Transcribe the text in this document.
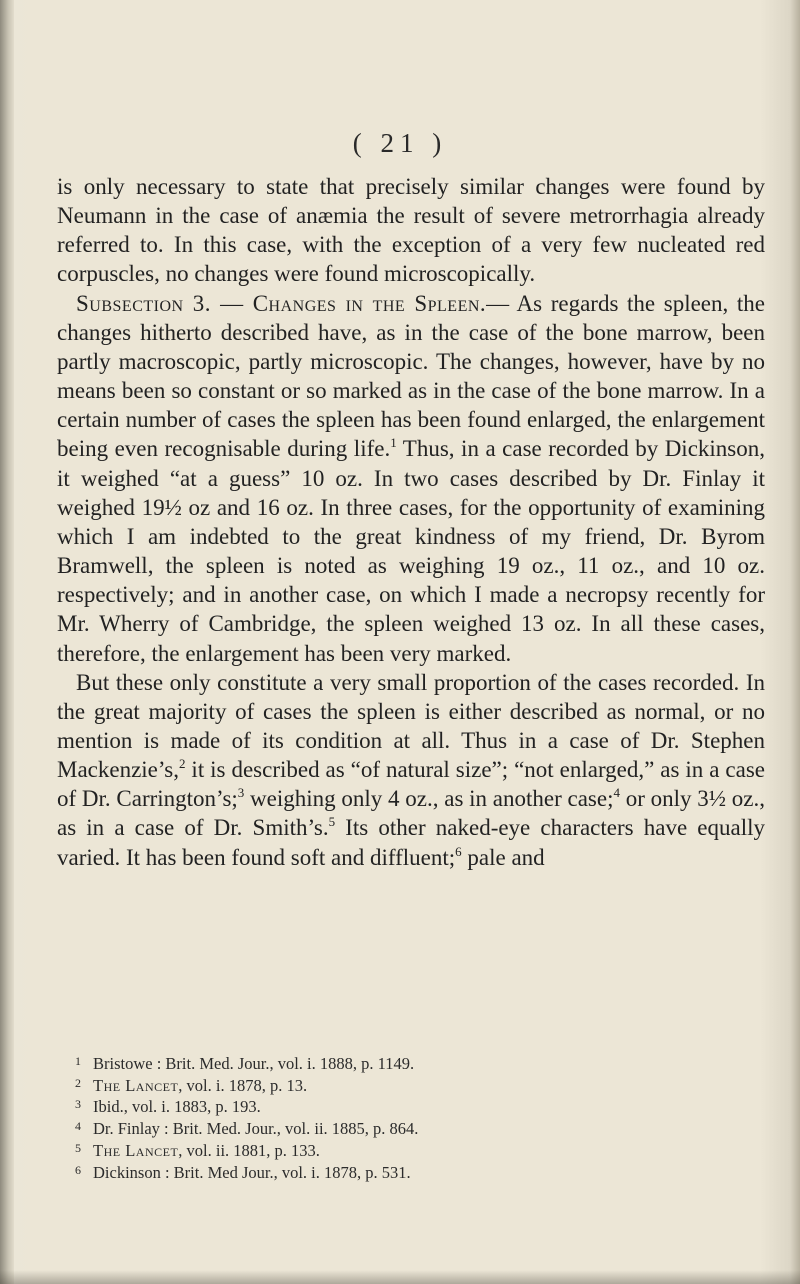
( 21 )

is only necessary to state that precisely similar changes were found by Neumann in the case of anæmia the result of severe metrorrhagia already referred to. In this case, with the exception of a very few nucleated red corpuscles, no changes were found microscopically.

Subsection 3. — Changes in the Spleen.— As regards the spleen, the changes hitherto described have, as in the case of the bone marrow, been partly macroscopic, partly microscopic. The changes, however, have by no means been so constant or so marked as in the case of the bone marrow. In a certain number of cases the spleen has been found enlarged, the enlargement being even recognisable during life.$^1$ Thus, in a case recorded by Dickinson, it weighed “at a guess” 10 oz. In two cases described by Dr. Finlay it weighed 19½ oz and 16 oz. In three cases, for the opportunity of examining which I am indebted to the great kindness of my friend, Dr. Byrom Bramwell, the spleen is noted as weighing 19 oz., 11 oz., and 10 oz. respectively; and in another case, on which I made a necropsy recently for Mr. Wherry of Cambridge, the spleen weighed 13 oz. In all these cases, therefore, the enlargement has been very marked.

But these only constitute a very small proportion of the cases recorded. In the great majority of cases the spleen is either described as normal, or no mention is made of its condition at all. Thus in a case of Dr. Stephen Mackenzie’s,$^2$ it is described as “of natural size”; “not enlarged,” as in a case of Dr. Carrington’s;$^3$ weighing only 4 oz., as in another case;$^4$ or only 3½ oz., as in a case of Dr. Smith’s.$^5$ Its other naked-eye characters have equally varied. It has been found soft and diffluent;$^6$ pale and

1 Bristowe : Brit. Med. Jour., vol. i. 1888, p. 1149.
2 The Lancet, vol. i. 1878, p. 13.
3 Ibid., vol. i. 1883, p. 193.
4 Dr. Finlay : Brit. Med. Jour., vol. ii. 1885, p. 864.
5 The Lancet, vol. ii. 1881, p. 133.
6 Dickinson : Brit. Med Jour., vol. i. 1878, p. 531.
